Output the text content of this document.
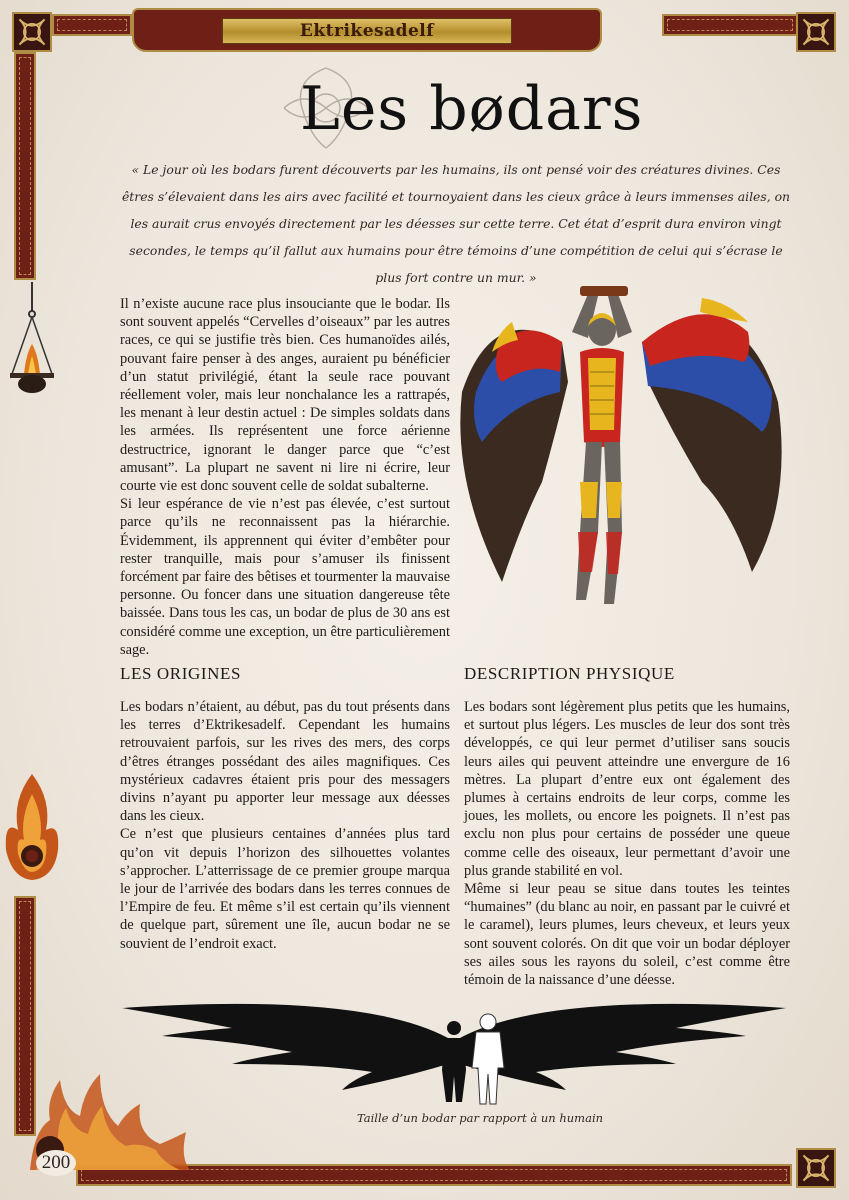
Ektrikesadelf
200
Les bødars
« Le jour où les bodars furent découverts par les humains, ils ont pensé voir des créatures divines. Ces êtres s’élevaient dans les airs avec facilité et tournoyaient dans les cieux grâce à leurs immenses ailes, on les aurait crus envoyés directement par les déesses sur cette terre. Cet état d’esprit dura environ vingt secondes, le temps qu’il fallut aux humains pour être témoins d’une compétition de celui qui s’écrase le plus fort contre un mur. »

Il n’existe aucune race plus insouciante que le bodar. Ils sont souvent appelés “Cervelles d’oiseaux” par les autres races, ce qui se justifie très bien. Ces humanoïdes ailés, pouvant faire penser à des anges, auraient pu bénéficier d’un statut privilégié, étant la seule race pouvant réellement voler, mais leur nonchalance les a rattrapés, les menant à leur destin actuel : De simples soldats dans les armées. Ils représentent une force aérienne destructrice, ignorant le danger parce que “c’est amusant”. La plupart ne savent ni lire ni écrire, leur courte vie est donc souvent celle de soldat subalterne.

Si leur espérance de vie n’est pas élevée, c’est surtout parce qu’ils ne reconnaissent pas la hiérarchie. Évidemment, ils apprennent qui éviter d’embêter pour rester tranquille, mais pour s’amuser ils finissent forcément par faire des bêtises et tourmenter la mauvaise personne. Ou foncer dans une situation dangereuse tête baissée. Dans tous les cas, un bodar de plus de 30 ans est considéré comme une exception, un être particulièrement sage.

LES ORIGINES

Les bodars n’étaient, au début, pas du tout présents dans les terres d’Ektrikesadelf. Cependant les humains retrouvaient parfois, sur les rives des mers, des corps d’êtres étranges possédant des ailes magnifiques. Ces mystérieux cadavres étaient pris pour des messagers divins n’ayant pu apporter leur message aux déesses dans les cieux.

Ce n’est que plusieurs centaines d’années plus tard qu’on vit depuis l’horizon des silhouettes volantes s’approcher. L’atterrissage de ce premier groupe marqua le jour de l’arrivée des bodars dans les terres connues de l’Empire de feu. Et même s’il est certain qu’ils viennent de quelque part, sûrement une île, aucun bodar ne se souvient de l’endroit exact.

DESCRIPTION PHYSIQUE

Les bodars sont légèrement plus petits que les humains, et surtout plus légers. Les muscles de leur dos sont très développés, ce qui leur permet d’utiliser sans soucis leurs ailes qui peuvent atteindre une envergure de 16 mètres. La plupart d’entre eux ont également des plumes à certains endroits de leur corps, comme les joues, les mollets, ou encore les poignets. Il n’est pas exclu non plus pour certains de posséder une queue comme celle des oiseaux, leur permettant d’avoir une plus grande stabilité en vol.

Même si leur peau se situe dans toutes les teintes “humaines” (du blanc au noir, en passant par le cuivré et le caramel), leurs plumes, leurs cheveux, et leurs yeux sont souvent colorés. On dit que voir un bodar déployer ses ailes sous les rayons du soleil, c’est comme être témoin de la naissance d’une déesse.

Taille d’un bodar par rapport à un humain
